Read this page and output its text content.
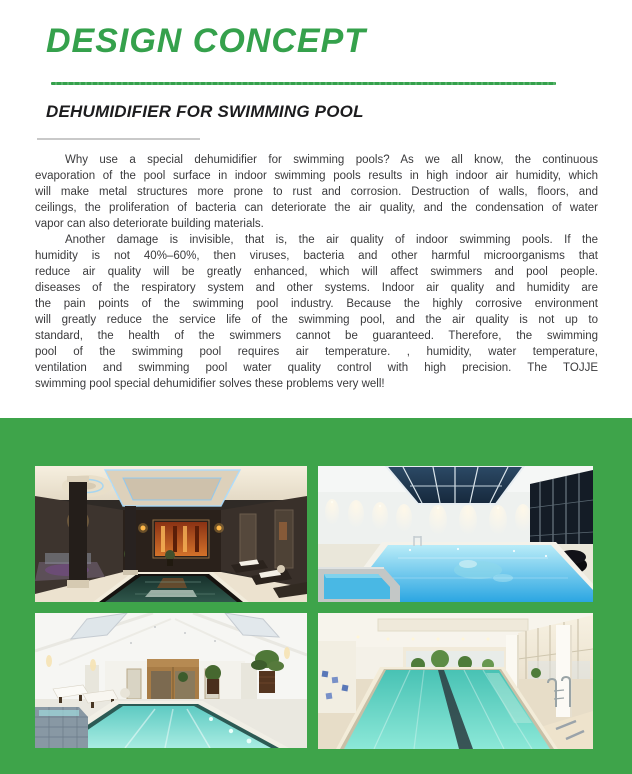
DESIGN CONCEPT
DEHUMIDIFIER FOR SWIMMING POOL
Why use a special dehumidifier for swimming pools? As we all know, the continuous
evaporation of the pool surface in indoor swimming pools results in high indoor air humidity, which
will make metal structures more prone to rust and corrosion. Destruction of walls, floors, and
ceilings, the proliferation of bacteria can deteriorate the air quality, and the condensation of water
vapor can also deteriorate building materials.
Another damage is invisible, that is, the air quality of indoor swimming pools. If the
humidity is not 40%–60%, then viruses, bacteria and other harmful microorganisms that
reduce air quality will be greatly enhanced, which will affect swimmers and pool people.
diseases of the respiratory system and other systems. Indoor air quality and humidity are
the pain points of the swimming pool industry. Because the highly corrosive environment
will greatly reduce the service life of the swimming pool, and the air quality is not up to
standard, the health of the swimmers cannot be guaranteed. Therefore, the swimming
pool of the swimming pool requires air temperature. , humidity, water temperature,
ventilation and swimming pool water quality control with high precision. The TOJJE
swimming pool special dehumidifier solves these problems very well!
